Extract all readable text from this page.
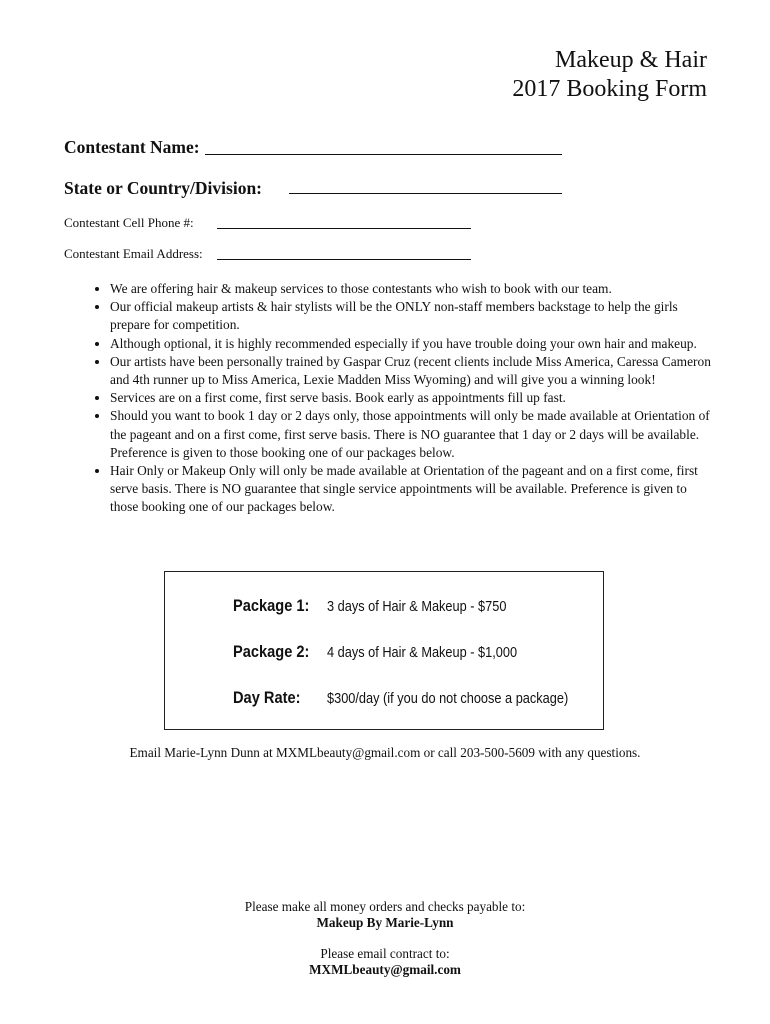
Makeup & Hair
2017 Booking Form
Contestant Name:
State or Country/Division:
Contestant Cell Phone #:
Contestant Email Address:
• We are offering hair & makeup services to those contestants who wish to book with our team.
• Our official makeup artists & hair stylists will be the ONLY non-staff members backstage to help the girls prepare for competition.
• Although optional, it is highly recommended especially if you have trouble doing your own hair and makeup.
• Our artists have been personally trained by Gaspar Cruz (recent clients include Miss America, Caressa Cameron and 4th runner up to Miss America, Lexie Madden Miss Wyoming) and will give you a winning look!
• Services are on a first come, first serve basis. Book early as appointments fill up fast.
• Should you want to book 1 day or 2 days only, those appointments will only be made available at Orientation of the pageant and on a first come, first serve basis. There is NO guarantee that 1 day or 2 days will be available. Preference is given to those booking one of our packages below.
• Hair Only or Makeup Only will only be made available at Orientation of the pageant and on a first come, first serve basis. There is NO guarantee that single service appointments will be available. Preference is given to those booking one of our packages below.
Package 1: 3 days of Hair & Makeup - $750
Package 2: 4 days of Hair & Makeup - $1,000
Day Rate: $300/day (if you do not choose a package)
Email Marie-Lynn Dunn at MXMLbeauty@gmail.com or call 203-500-5609 with any questions.
Please make all money orders and checks payable to:
Makeup By Marie-Lynn
Please email contract to:
MXMLbeauty@gmail.com
